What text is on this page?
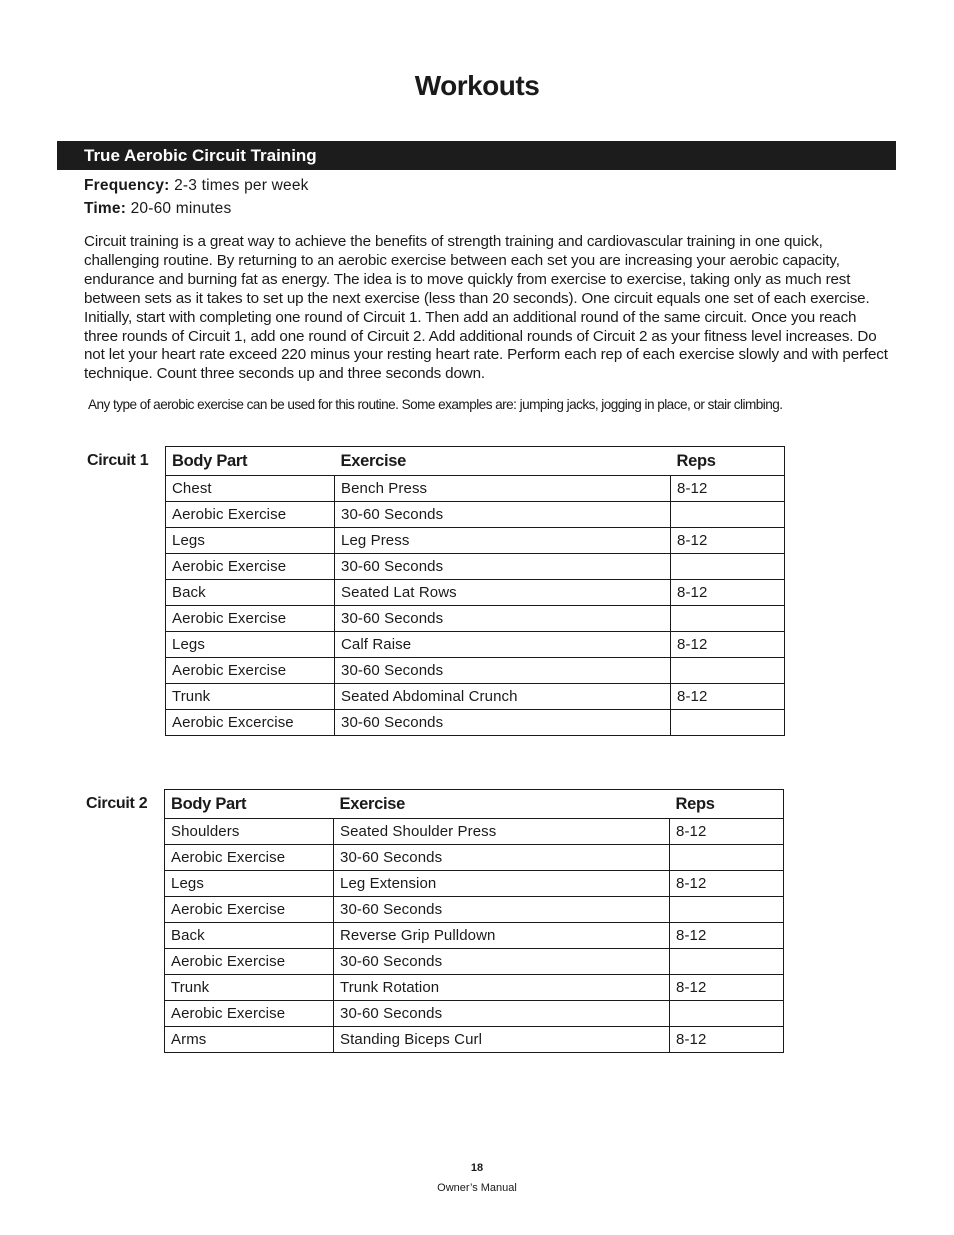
Workouts
True Aerobic Circuit Training
Frequency: 2-3 times per week
Time: 20-60 minutes
Circuit training is a great way to achieve the benefits of strength training and cardiovascular training in one quick, challenging routine. By returning to an aerobic exercise between each set you are increasing your aerobic capacity, endurance and burning fat as energy. The idea is to move quickly from exercise to exercise, taking only as much rest between sets as it takes to set up the next exercise (less than 20 seconds). One circuit equals one set of each exercise. Initially, start with completing one round of Circuit 1. Then add an additional round of the same circuit. Once you reach three rounds of Circuit 1, add one round of Circuit 2. Add additional rounds of Circuit 2 as your fitness level increases. Do not let your heart rate exceed 220 minus your resting heart rate. Perform each rep of each exercise slowly and with perfect technique. Count three seconds up and three seconds down.
Any type of aerobic exercise can be used for this routine. Some examples are: jumping jacks, jogging in place, or stair climbing.
Circuit 1 Body Part	Exercise	Reps
Chest	Bench Press	8-12
Aerobic Exercise	30-60 Seconds	
Legs	Leg Press	8-12
Aerobic Exercise	30-60 Seconds	
Back	Seated Lat Rows	8-12
Aerobic Exercise	30-60 Seconds	
Legs	Calf Raise	8-12
Aerobic Exercise	30-60 Seconds	
Trunk	Seated Abdominal Crunch	8-12
Aerobic Excercise	30-60 Seconds	
Circuit 2 Body Part	Exercise	Reps
Shoulders	Seated Shoulder Press	8-12
Aerobic Exercise	30-60 Seconds	
Legs	Leg Extension	8-12
Aerobic Exercise	30-60 Seconds	
Back	Reverse Grip Pulldown	8-12
Aerobic Exercise	30-60 Seconds	
Trunk	Trunk Rotation	8-12
Aerobic Exercise	30-60 Seconds	
Arms	Standing Biceps Curl	8-12
18
Owner’s Manual
